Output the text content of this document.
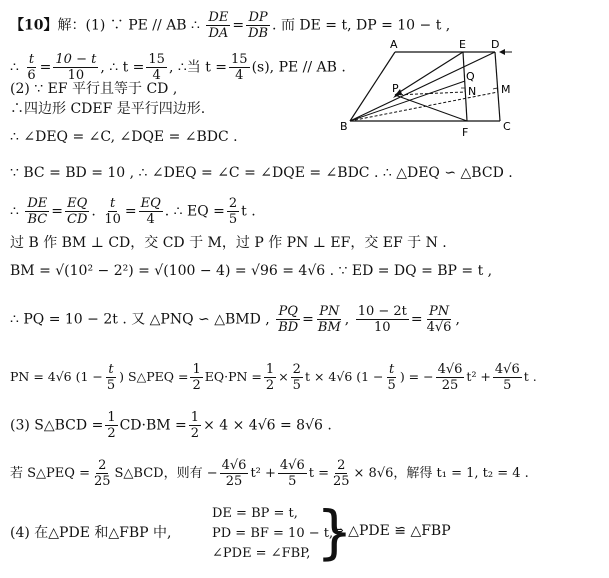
【10】解：(1) ∵ PE // AB ∴ $\frac{DE}{DA} = \frac{DP}{DB}$ . 而 DE = t, DP = 10 − t ,
∴ $\frac{t}{6} = \frac{10 - t}{10}$ , ∴ $t = \frac{15}{4}$ , ∴当 $t = \frac{15}{4} (s)$, PE // AB .
(2) ∵ EF 平行且等于 CD ,
∴四边形 CDEF 是平行四边形.
∴ ∠DEQ = ∠C, ∠DQE = ∠BDC .
∵ BC = BD = 10 , ∴ ∠DEQ = ∠C = ∠DQE = ∠BDC . ∴ △DEQ ∽ △BCD .
∴ $\frac{DE}{BC} = \frac{EQ}{CD}$ . $\frac{t}{10} = \frac{EQ}{4}$ . ∴ EQ = $\frac{2}{5}$ t .
过 B 作 BM ⊥ CD，交 CD 于 M，过 P 作 PN ⊥ EF，交 EF 于 N .
BM = √(10² − 2²) = √(100 − 4) = √96 = 4√6 . ∵ ED = DQ = BP = t ,
∴ PQ = 10 − 2t . 又 △PNQ ∽ △BMD , $\frac{PQ}{BD} = \frac{PN}{BM}$ , $\frac{10 - 2t}{10} = \frac{PN}{4√6}$ ,
PN = 4√6 ($1 - \frac{t}{5}$ ) S△PEQ = $\frac{1}{2} EQ\cdot PN = \frac{1}{2} \times \frac{2}{5}$ t × 4√6 ($1 - \frac{t}{5}$ ) = − $\frac{4√6}{25} t^2 + \frac{4√6}{5}$ t .
(3) S△BCD = $\frac{1}{2} CD\cdot BM = \frac{1}{2} \times 4 \times 4√6 = 8√6$ .
若 S△PEQ = $\frac{2}{25}$ S△BCD，则有 − $\frac{4√6}{25} t^2 + \frac{4√6}{5}$ $t = \frac{2}{25} \times 8√6$，解得 t₁ = 1, t₂ = 4 .
(4) 在△PDE 和△FBP 中,
DE = BP = t,
PD = BF = 10 − t,
∠PDE = ∠FBP, }
⇒ △PDE ≌ △FBP
A
B	C
D
E
F
P
Q
N M
